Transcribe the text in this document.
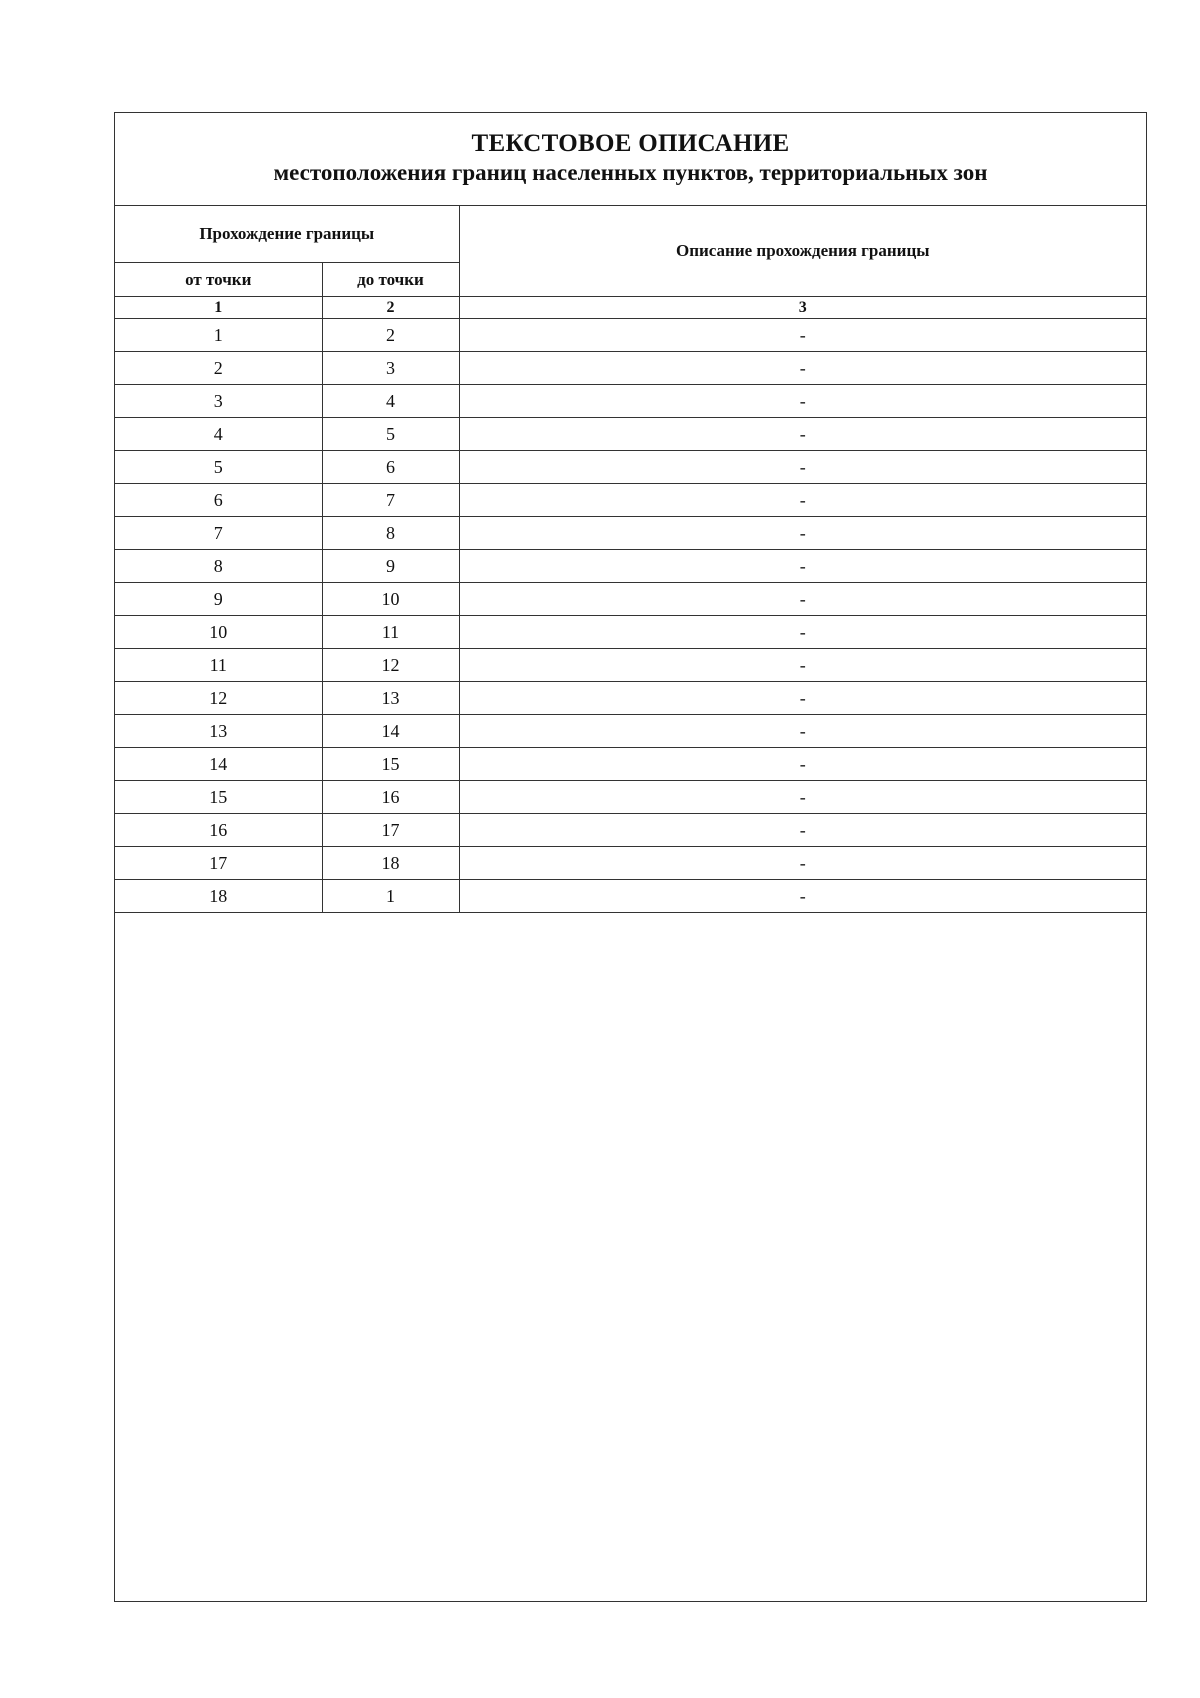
ТЕКСТОВОЕ ОПИСАНИЕ
местоположения границ населенных пунктов, территориальных зон
Прохождение границы		Описание прохождения границы
от точки	до точки	
1	2	3
1	2	-
2	3	-
3	4	-
4	5	-
5	6	-
6	7	-
7	8	-
8	9	-
9	10	-
10	11	-
11	12	-
12	13	-
13	14	-
14	15	-
15	16	-
16	17	-
17	18	-
18	1	-
